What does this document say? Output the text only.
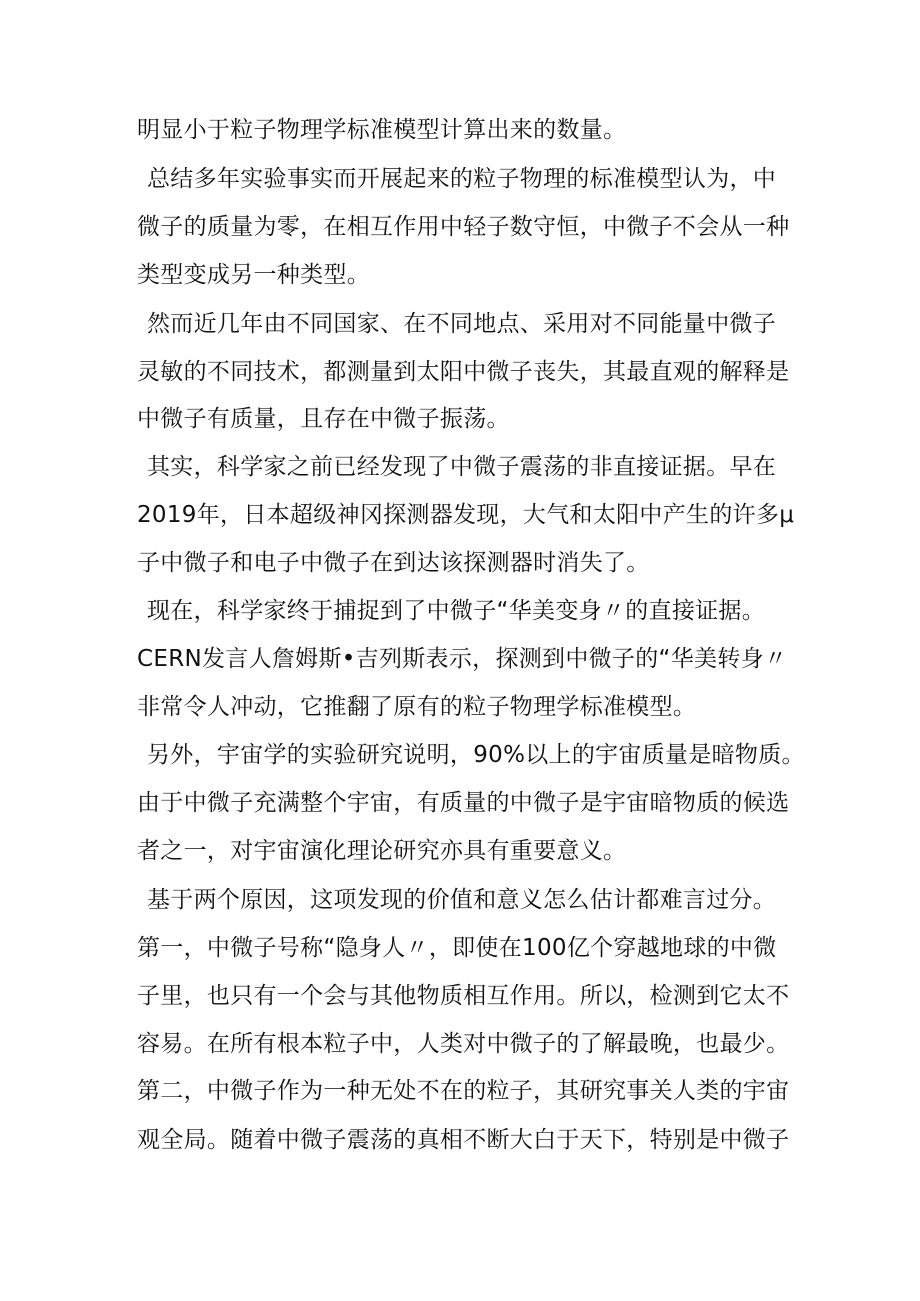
明显小于粒子物理学标准模型计算出来的数量。
总结多年实验事实而开展起来的粒子物理的标准模型认为，中
微子的质量为零，在相互作用中轻子数守恒，中微子不会从一种
类型变成另一种类型。
然而近几年由不同国家、在不同地点、采用对不同能量中微子
灵敏的不同技术，都测量到太阳中微子丧失，其最直观的解释是
中微子有质量，且存在中微子振荡。
其实，科学家之前已经发现了中微子震荡的非直接证据。早在
2019年，日本超级神冈探测器发现，大气和太阳中产生的许多μ
子中微子和电子中微子在到达该探测器时消失了。
现在，科学家终于捕捉到了中微子“华美变身〃的直接证据。
CERN发言人詹姆斯•吉列斯表示，探测到中微子的“华美转身〃
非常令人冲动，它推翻了原有的粒子物理学标准模型。
另外，宇宙学的实验研究说明，90%以上的宇宙质量是暗物质。
由于中微子充满整个宇宙，有质量的中微子是宇宙暗物质的候选
者之一，对宇宙演化理论研究亦具有重要意义。
基于两个原因，这项发现的价值和意义怎么估计都难言过分。
第一，中微子号称“隐身人〃，即使在100亿个穿越地球的中微
子里，也只有一个会与其他物质相互作用。所以，检测到它太不
容易。在所有根本粒子中，人类对中微子的了解最晚，也最少。
第二，中微子作为一种无处不在的粒子，其研究事关人类的宇宙
观全局。随着中微子震荡的真相不断大白于天下，特别是中微子
